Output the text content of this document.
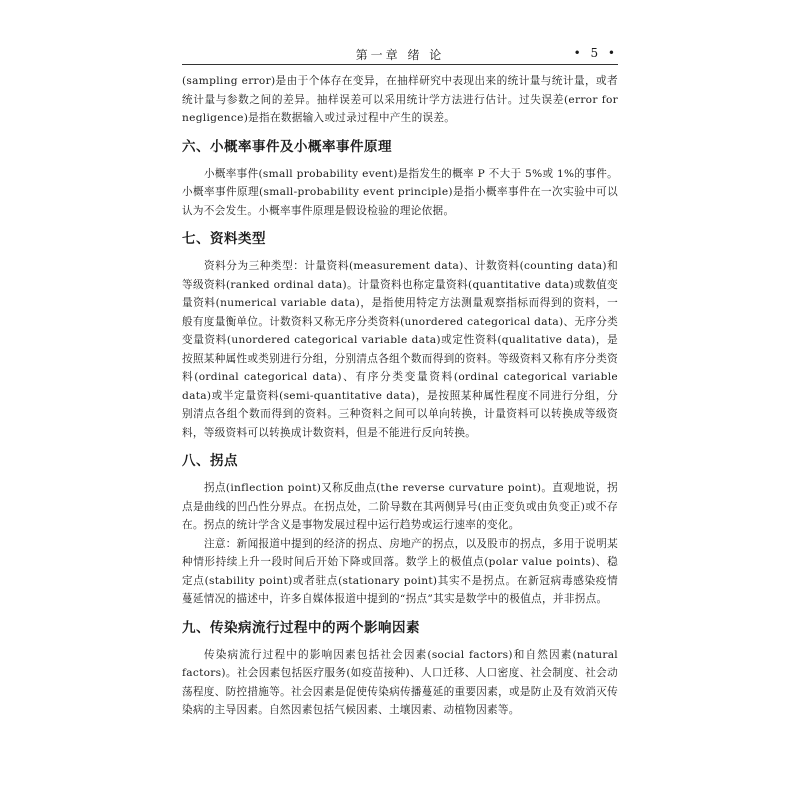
第一章 绪 论	• 5 •

(sampling error)是由于个体存在变异，在抽样研究中表现出来的统计量与统计量，或者统计量与参数之间的差异。抽样误差可以采用统计学方法进行估计。过失误差(error for negligence)是指在数据输入或过录过程中产生的误差。

六、小概率事件及小概率事件原理

小概率事件(small probability event)是指发生的概率 P 不大于 5%或 1%的事件。小概率事件原理(small-probability event principle)是指小概率事件在一次实验中可以认为不会发生。小概率事件原理是假设检验的理论依据。

七、资料类型

资料分为三种类型：计量资料(measurement data)、计数资料(counting data)和等级资料(ranked ordinal data)。计量资料也称定量资料(quantitative data)或数值变量资料(numerical variable data)，是指使用特定方法测量观察指标而得到的资料，一般有度量衡单位。计数资料又称无序分类资料(unordered categorical data)、无序分类变量资料(unordered categorical variable data)或定性资料(qualitative data)，是按照某种属性或类别进行分组，分别清点各组个数而得到的资料。等级资料又称有序分类资料(ordinal categorical data)、有序分类变量资料(ordinal categorical variable data)或半定量资料(semi-quantitative data)，是按照某种属性程度不同进行分组，分别清点各组个数而得到的资料。三种资料之间可以单向转换，计量资料可以转换成等级资料，等级资料可以转换成计数资料，但是不能进行反向转换。

八、拐点

拐点(inflection point)又称反曲点(the reverse curvature point)。直观地说，拐点是曲线的凹凸性分界点。在拐点处，二阶导数在其两侧异号(由正变负或由负变正)或不存在。拐点的统计学含义是事物发展过程中运行趋势或运行速率的变化。

注意：新闻报道中提到的经济的拐点、房地产的拐点，以及股市的拐点，多用于说明某种情形持续上升一段时间后开始下降或回落。数学上的极值点(polar value points)、稳定点(stability point)或者驻点(stationary point)其实不是拐点。在新冠病毒感染疫情蔓延情况的描述中，许多自媒体报道中提到的“拐点”其实是数学中的极值点，并非拐点。

九、传染病流行过程中的两个影响因素

传染病流行过程中的影响因素包括社会因素(social factors)和自然因素(natural factors)。社会因素包括医疗服务(如疫苗接种)、人口迁移、人口密度、社会制度、社会动荡程度、防控措施等。社会因素是促使传染病传播蔓延的重要因素，或是防止及有效消灭传染病的主导因素。自然因素包括气候因素、土壤因素、动植物因素等。
